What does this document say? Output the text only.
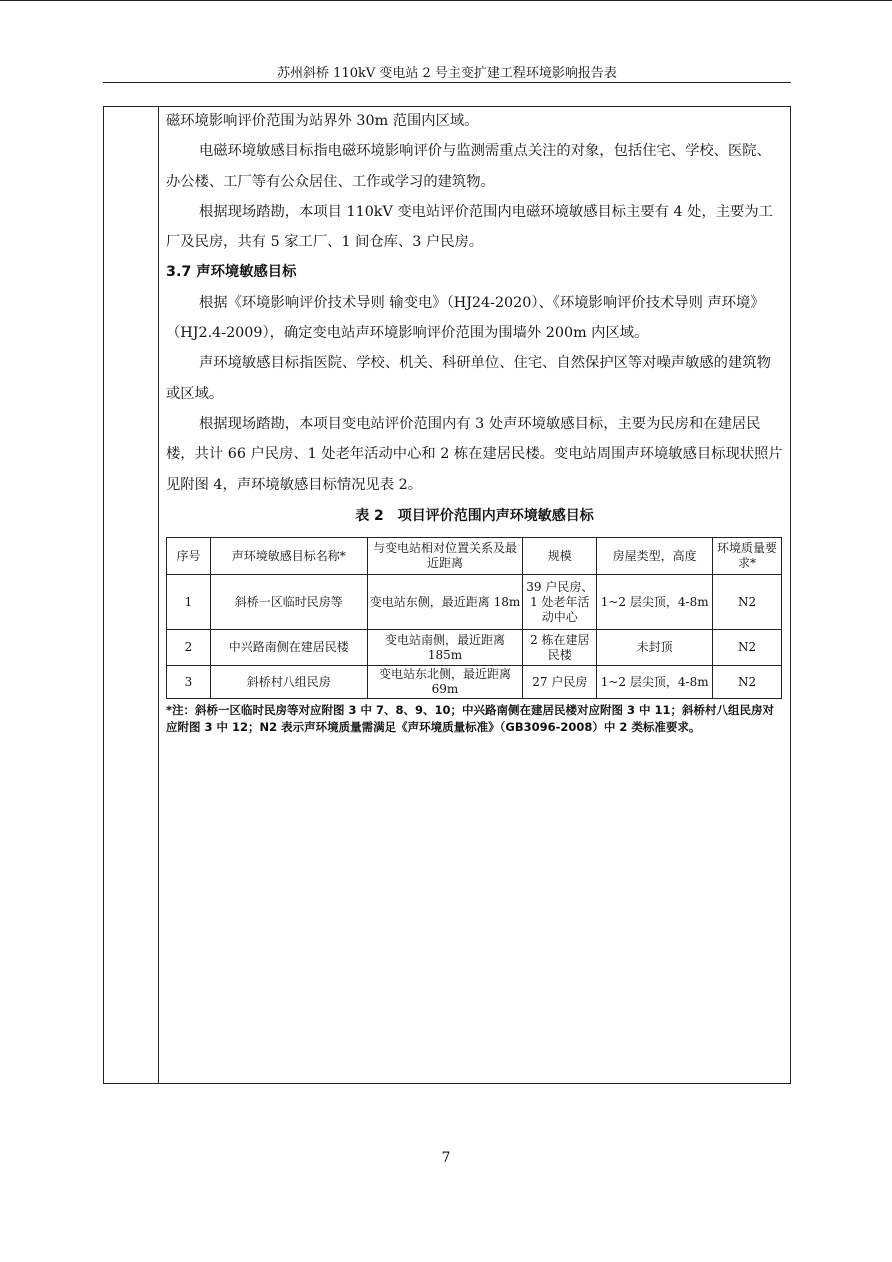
苏州斜桥 110kV 变电站 2 号主变扩建工程环境影响报告表

磁环境影响评价范围为站界外 30m 范围内区域。

电磁环境敏感目标指电磁环境影响评价与监测需重点关注的对象，包括住宅、学校、医院、办公楼、工厂等有公众居住、工作或学习的建筑物。

根据现场踏勘，本项目 110kV 变电站评价范围内电磁环境敏感目标主要有 4 处，主要为工厂及民房，共有 5 家工厂、1 间仓库、3 户民房。

3.7 声环境敏感目标

根据《环境影响评价技术导则 输变电》（HJ24-2020）、《环境影响评价技术导则 声环境》（HJ2.4-2009），确定变电站声环境影响评价范围为围墙外 200m 内区域。

声环境敏感目标指医院、学校、机关、科研单位、住宅、自然保护区等对噪声敏感的建筑物或区域。

根据现场踏勘，本项目变电站评价范围内有 3 处声环境敏感目标，主要为民房和在建居民楼，共计 66 户民房、1 处老年活动中心和 2 栋在建居民楼。变电站周围声环境敏感目标现状照片见附图 4，声环境敏感目标情况见表 2。

表 2　项目评价范围内声环境敏感目标
序号	声环境敏感目标名称*	与变电站相对位置关系及最近距离	规模	房屋类型，高度	环境质量要求*
1	斜桥一区临时民房等	变电站东侧，最近距离 18m	39 户民房、1 处老年活动中心	1~2 层尖顶，4-8m	N2
2	中兴路南侧在建居民楼	变电站南侧，最近距离 185m	2 栋在建居民楼	未封顶	N2
3	斜桥村八组民房	变电站东北侧，最近距离 69m	27 户民房	1~2 层尖顶，4-8m	N2
*注：斜桥一区临时民房等对应附图 3 中 7、8、9、10；中兴路南侧在建居民楼对应附图 3 中 11；斜桥村八组民房对应附图 3 中 12；N2 表示声环境质量需满足《声环境质量标准》（GB3096-2008）中 2 类标准要求。
7
